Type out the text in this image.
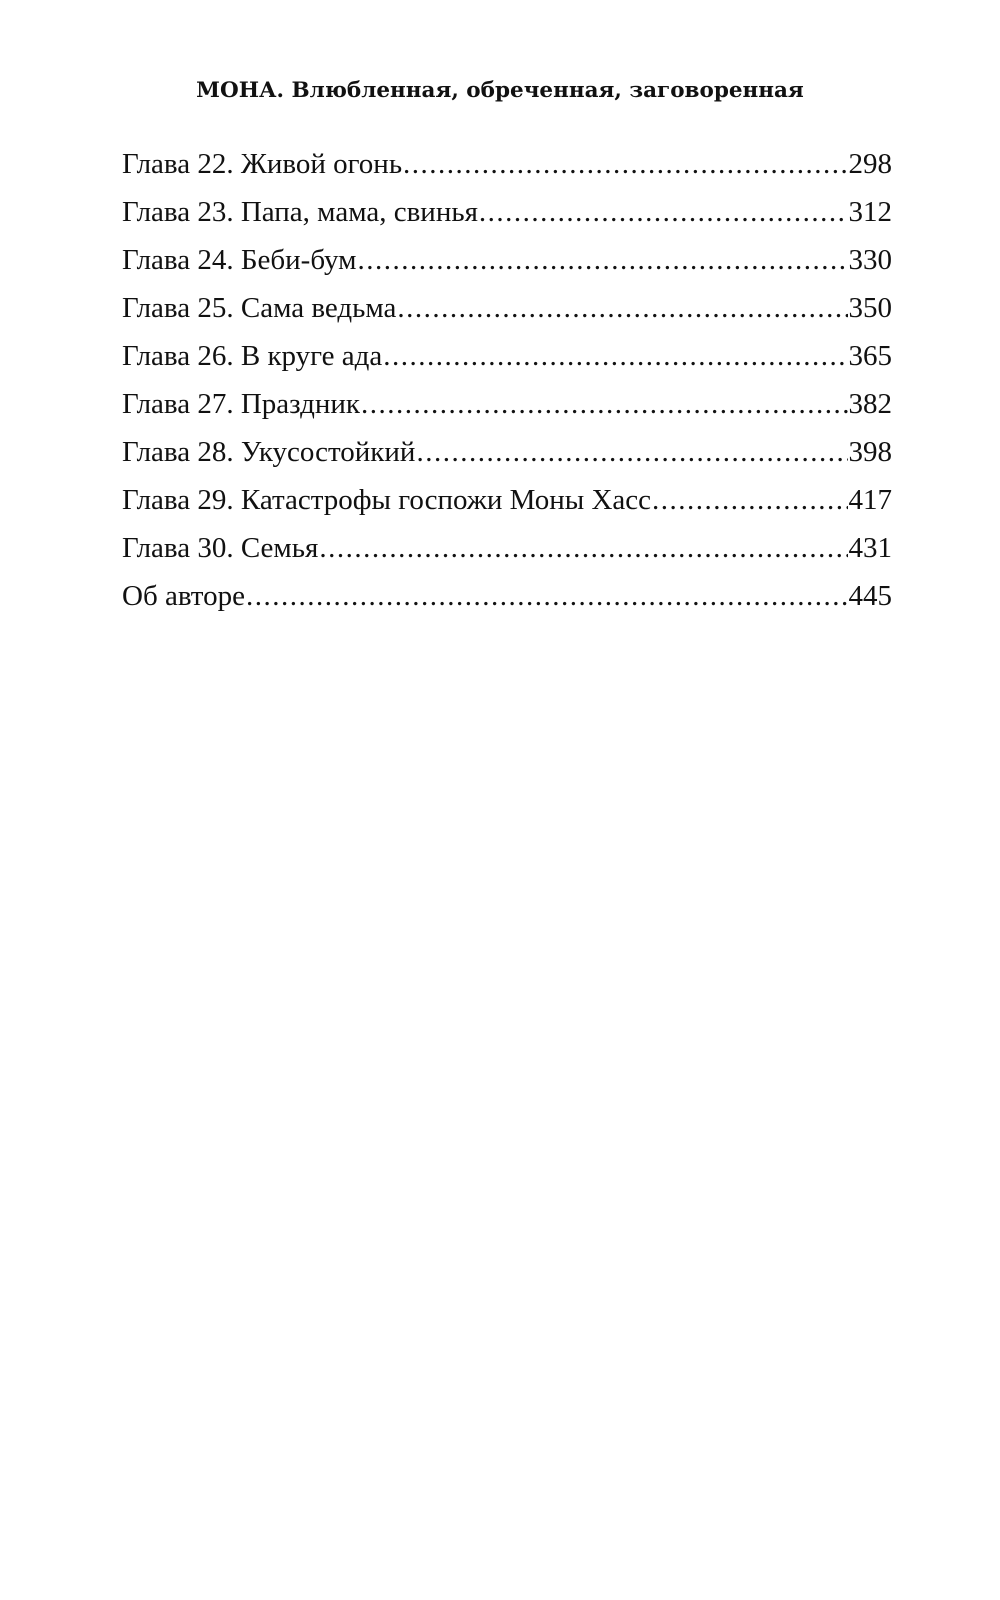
МОНА. Влюбленная, обреченная, заговоренная
Глава 22. Живой огонь .....	298
Глава 23. Папа, мама, свинья .....	312
Глава 24. Беби-бум .....	330
Глава 25. Сама ведьма .....	350
Глава 26. В круге ада .....	365
Глава 27. Праздник .....	382
Глава 28. Укусостойкий .....	398
Глава 29. Катастрофы госпожи Моны Хасс .....	417
Глава 30. Семья .....	431
Об авторе .....	445
